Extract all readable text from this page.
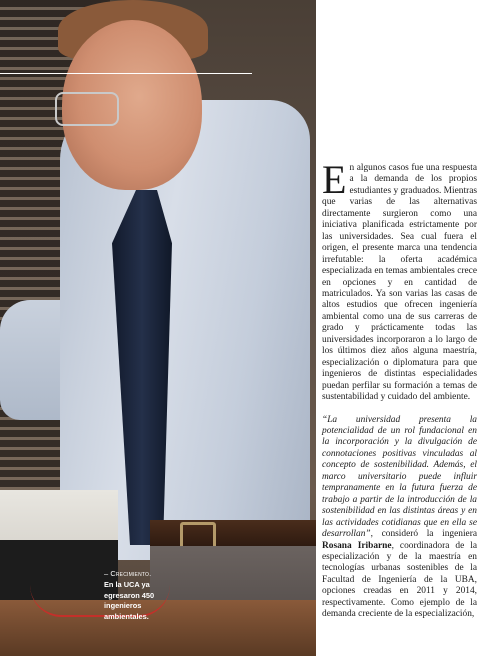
– Crecimiento.
En la UCA ya egresaron 450 ingenieros ambientales.

En algunos casos fue una respuesta a la demanda de los propios estudiantes y graduados. Mientras que varias de las alternativas directamente surgieron como una iniciativa planificada estrictamente por las universidades. Sea cual fuera el origen, el presente marca una tendencia irrefutable: la oferta académica especializada en temas ambientales crece en opciones y en cantidad de matriculados. Ya son varias las casas de altos estudios que ofrecen ingeniería ambiental como una de sus carreras de grado y prácticamente todas las universidades incorporaron a lo largo de los últimos diez años alguna maestría, especialización o diplomatura para que ingenieros de distintas especialidades puedan perfilar su formación a temas de sustentabilidad y cuidado del ambiente.

“La universidad presenta la potencialidad de un rol fundacional en la incorporación y la divulgación de connotaciones positivas vinculadas al concepto de sostenibilidad. Además, el marco universitario puede influir tempranamente en la futura fuerza de trabajo a partir de la introducción de la sostenibilidad en las distintas áreas y en las actividades cotidianas que en ella se desarrollan”, consideró la ingeniera Rosana Iribarne, coordinadora de la especialización y de la maestría en tecnologías urbanas sostenibles de la Facultad de Ingeniería de la UBA, opciones creadas en 2011 y 2014, respectivamente. Como ejemplo de la demanda creciente de la especialización,
